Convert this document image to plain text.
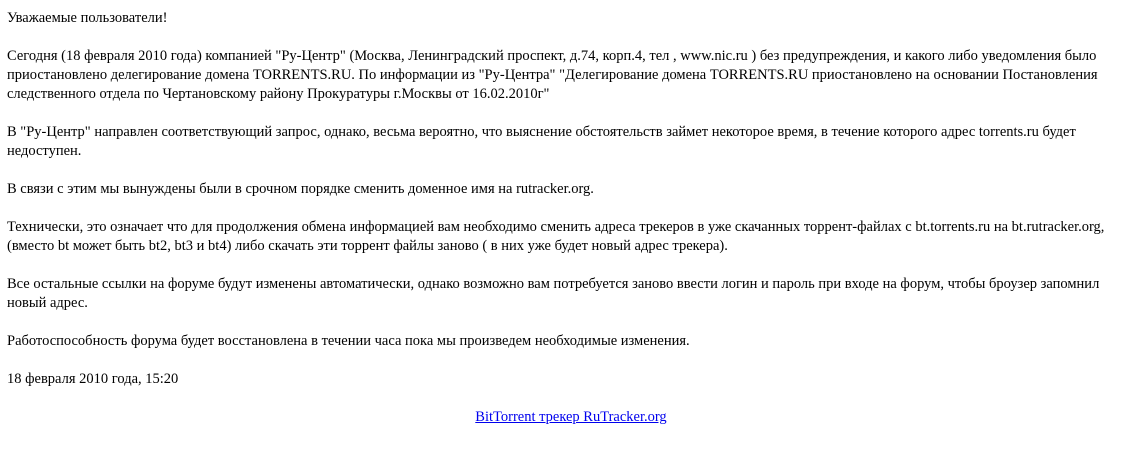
Уважаемые пользователи!

Сегодня (18 февраля 2010 года) компанией "Ру-Центр" (Москва, Ленинградский проспект, д.74, корп.4, тел , www.nic.ru ) без предупреждения, и какого либо уведомления было приостановлено делегирование домена TORRENTS.RU. По информации из "Ру-Центра" "Делегирование домена TORRENTS.RU приостановлено на основании Постановления следственного отдела по Чертановскому району Прокуратуры г.Москвы от 16.02.2010г"

В "Ру-Центр" направлен соответствующий запрос, однако, весьма вероятно, что выяснение обстоятельств займет некоторое время, в течение которого адрес torrents.ru будет недоступен.

В связи с этим мы вынуждены были в срочном порядке сменить доменное имя на rutracker.org.

Технически, это означает что для продолжения обмена информацией вам необходимо сменить адреса трекеров в уже скачанных торрент-файлах с bt.torrents.ru на bt.rutracker.org, (вместо bt может быть bt2, bt3 и bt4) либо скачать эти торрент файлы заново ( в них уже будет новый адрес трекера).

Все остальные ссылки на форуме будут изменены автоматически, однако возможно вам потребуется заново ввести логин и пароль при входе на форум, чтобы броузер запомнил новый адрес.

Работоспособность форума будет восстановлена в течении часа пока мы произведем необходимые изменения.

18 февраля 2010 года, 15:20

BitTorrent трекер RuTracker.org
